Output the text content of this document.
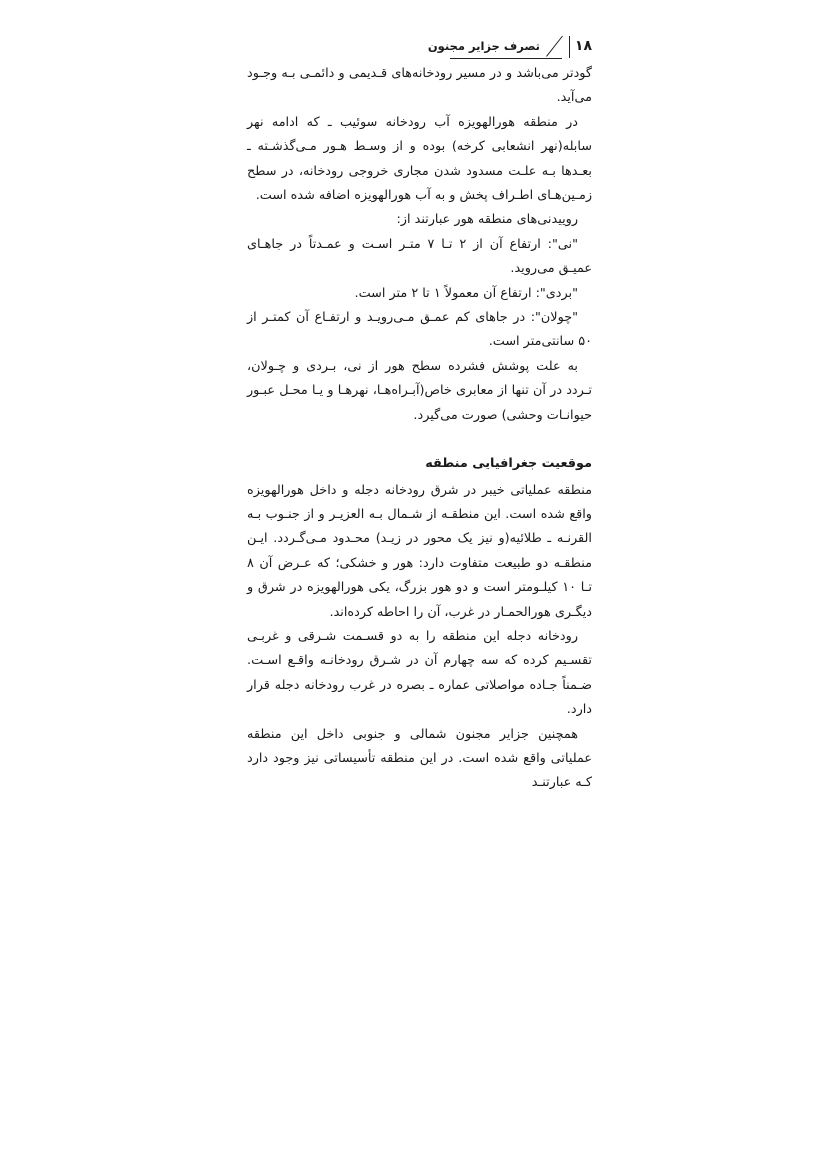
۱۸
تصرف جزایر مجنون

گودتر می‌باشد و در مسیر رودخانه‌های قـدیمی و دائمـی بـه وجـود می‌آید.

در منطقه هورالهویزه آب رودخانه سوئیب ـ که ادامه نهر سابله(نهر انشعابی کرخه) بوده و از وسـط هـور مـی‌گذشـته ـ بعـدها بـه علـت مسدود شدن مجاری خروجی رودخانه، در سطح زمـین‌هـای اطـراف پخش و به آب هورالهویزه اضافه شده است.

روییدنی‌های منطقه هور عبارتند از:

"نی": ارتفاع آن از ۲ تـا ۷ متـر اسـت و عمـدتاً در جاهـای عمیـق می‌روید.

"بردی": ارتفاع آن معمولاً ۱ تا ۲ متر است.

"چولان": در جاهای کم عمـق مـی‌رویـد و ارتفـاع آن کمتـر از ۵۰ سانتی‌متر است.

به علت پوشش فشرده سطح هور از نی، بـردی و چـولان، تـردد در آن تنها از معابری خاص(آبـراه‌هـا، نهرهـا و یـا محـل عبـور حیوانـات وحشی) صورت می‌گیرد.

موقعیت جغرافیایی منطقه

منطقه عملیاتی خیبر در شرق رودخانه دجله و داخل هورالهویزه واقع شده است. این منطقـه از شـمال بـه العزیـر و از جنـوب بـه القرنـه ـ طلائیه(و نیز یک محور در زیـد) محـدود مـی‌گـردد. ایـن منطقـه دو طبیعت متفاوت دارد: هور و خشکی؛ که عـرض آن ۸ تـا ۱۰ کیلـومتر است و دو هور بزرگ، یکی هورالهویزه در شرق و دیگـری هورالحمـار در غرب، آن را احاطه کرده‌اند.

رودخانه دجله این منطقه را به دو قسـمت شـرقی و غربـی تقسـیم کرده که سه چهارم آن در شـرق رودخانـه واقـع اسـت. ضـمناً جـاده مواصلاتی عماره ـ بصره در غرب رودخانه دجله قرار دارد.

همچنین جزایر مجنون شمالی و جنوبی داخل این منطقه عملیاتی واقع شده است. در این منطقه تأسیساتی نیز وجود دارد کـه عبارتنـد
